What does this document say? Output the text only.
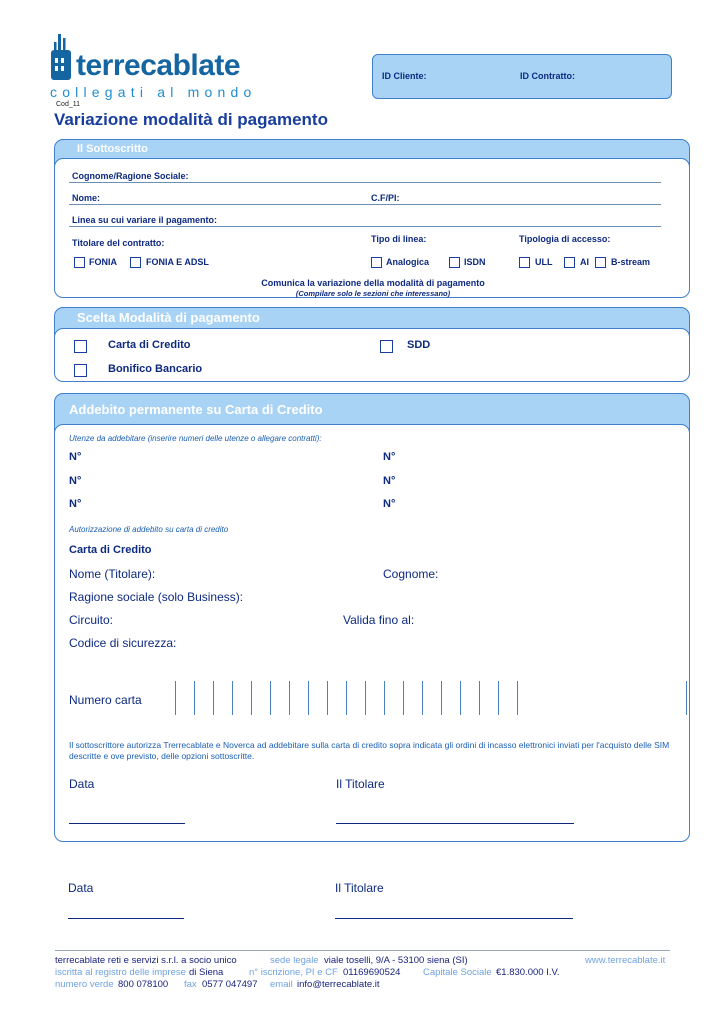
terrecablate
collegati al mondo
Cod_11
Variazione modalità di pagamento
ID Cliente:	ID Contratto:
Il Sottoscritto
Cognome/Ragione Sociale:
Nome:	C.F/PI:
Linea su cui variare il pagamento:
Titolare del contratto:	Tipo di linea:	Tipologia di accesso:
FONIA	FONIA E ADSL	Analogica	ISDN	ULL	AI B-stream
Comunica la variazione della modalità di pagamento
(Compilare solo le sezioni che interessano)
Scelta Modalità di pagamento
Carta di Credito	SDD
Bonifico Bancario
Addebito permanente su Carta di Credito
Utenze da addebitare (inserire numeri delle utenze o allegare contratti):
N°	N°
N°	N°
N°	N°
Autorizzazione di addebito su carta di credito
Carta di Credito
Nome (Titolare):	Cognome:
Ragione sociale (solo Business):
Circuito:	Valida fino al:
Codice di sicurezza:
Numero carta
Il sottoscrittore autorizza Trerrecablate e Noverca ad addebitare sulla carta di credito sopra indicata gli ordini di incasso elettronici inviati per l'acquisto delle SIM descritte e ove previsto, delle opzioni sottoscritte.
Data	Il Titolare
Data	Il Titolare
terrecablate reti e servizi s.r.l. a socio unico	sede legale viale toselli, 9/A - 53100 siena (SI)	www.terrecablate.it
iscritta al registro delle imprese di Siena	n° iscrizione, PI e CF 01169690524 Capitale Sociale €1.830.000 I.V.
numero verde 800 078100 fax 0577 047497 email info@terrecablate.it
